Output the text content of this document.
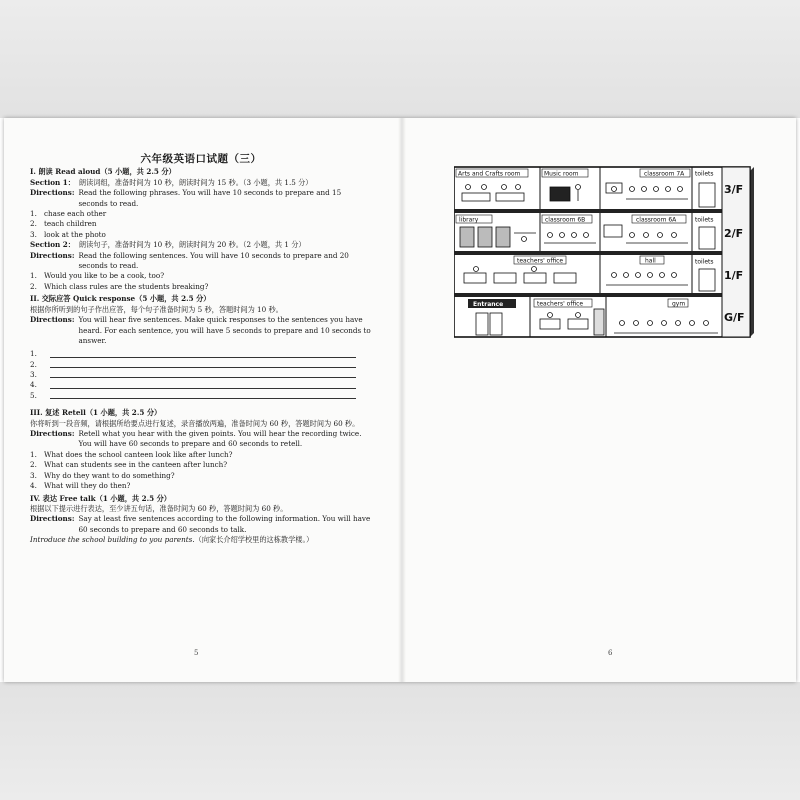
六年级英语口试题（三）
I. 朗读 Read aloud（5 小题，共 2.5 分）
Section 1： 朗读词组，准备时间为 10 秒，朗读时间为 15 秒。（3 小题，共 1.5 分）
Directions: Read the following phrases. You will have 10 seconds to prepare and 15 seconds to read.
1. chase each other
2. teach children
3. look at the photo
Section 2： 朗读句子，准备时间为 10 秒，朗读时间为 20 秒。（2 小题，共 1 分）
Directions: Read the following sentences. You will have 10 seconds to prepare and 20 seconds to read.
1. Would you like to be a cook, too?
2. Which class rules are the students breaking?
II. 交际应答 Quick response（5 小题，共 2.5 分）
根据你所听到的句子作出应答，每个句子准备时间为 5 秒，答题时间为 10 秒。
Directions: You will hear five sentences. Make quick responses to the sentences you have heard. For each sentence, you will have 5 seconds to prepare and 10 seconds to answer.
1.
2.
3.
4.
5.
III. 复述 Retell（1 小题，共 2.5 分）
你将听到一段音频，请根据所给要点进行复述，录音播放两遍，准备时间为 60 秒，答题时间为 60 秒。
Directions: Retell what you hear with the given points. You will hear the recording twice. You will have 60 seconds to prepare and 60 seconds to retell.
1. What does the school canteen look like after lunch?
2. What can students see in the canteen after lunch?
3. Why do they want to do something?
4. What will they do then?
IV. 表达 Free talk（1 小题，共 2.5 分）
根据以下提示进行表达，至少讲五句话，准备时间为 60 秒，答题时间为 60 秒。
Directions: Say at least five sentences according to the following information. You will have 60 seconds to prepare and 60 seconds to talk.
Introduce the school building to you parents.（向家长介绍学校里的这栋教学楼。）
5	6
Arts and Crafts room	Music room	classroom 7A toilets
library	classroom 6B	classroom 6A	toilets
teachers' office	hall	toilets
Entrance	teachers' office	gym
3/F
2/F
1/F
G/F
